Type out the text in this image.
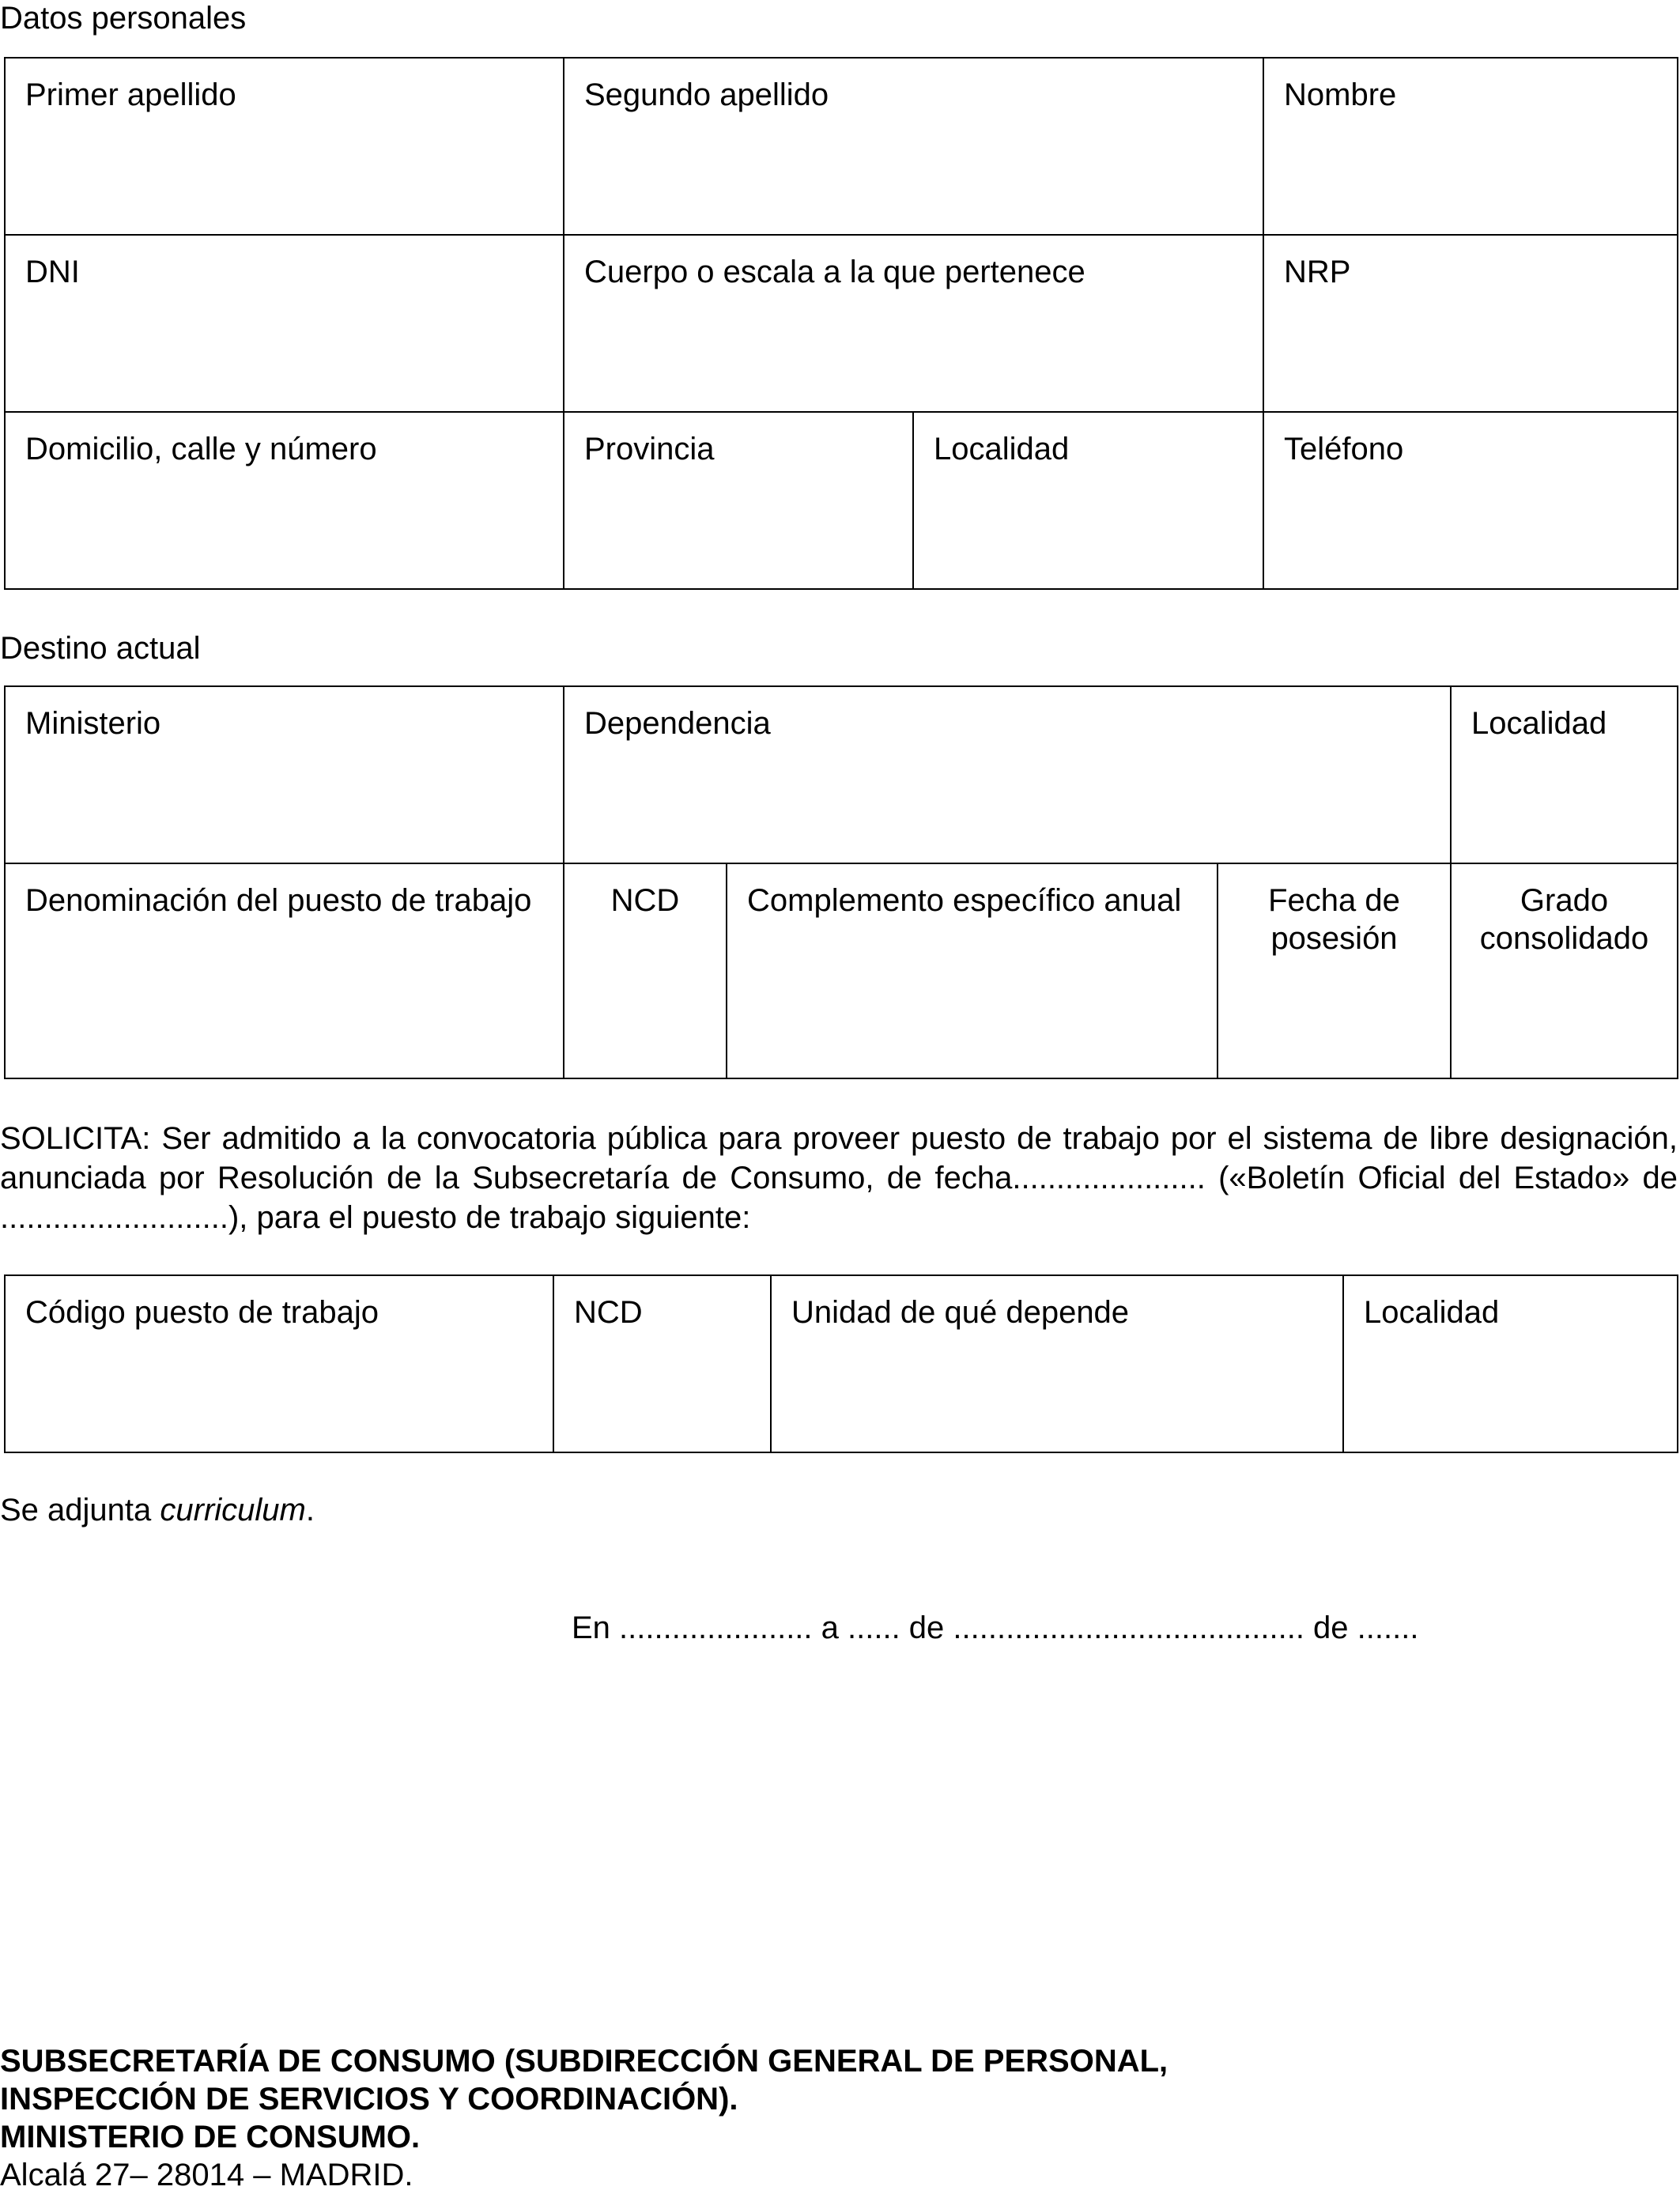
Datos personales

Primer apellido	Segundo apellido		Nombre
DNI	Cuerpo o escala a la que pertenece		NRP
Domicilio, calle y número	Provincia	Localidad	Teléfono

Destino actual

Ministerio	Dependencia			Localidad
Denominación del puesto de trabajo	NCD	Complemento específico anual	Fecha de posesión	Grado consolidado

SOLICITA: Ser admitido a la convocatoria pública para proveer puesto de trabajo por el sistema de libre designación, anunciada por Resolución de la Subsecretaría de Consumo, de fecha...................... («Boletín Oficial del Estado» de ..........................), para el puesto de trabajo siguiente:

Código puesto de trabajo	NCD	Unidad de qué depende	Localidad

Se adjunta curriculum.

En ...................... a ...... de ........................................ de .......

SUBSECRETARÍA DE CONSUMO (SUBDIRECCIÓN GENERAL DE PERSONAL,
INSPECCIÓN DE SERVICIOS Y COORDINACIÓN).
MINISTERIO DE CONSUMO.
Alcalá 27– 28014 – MADRID.
